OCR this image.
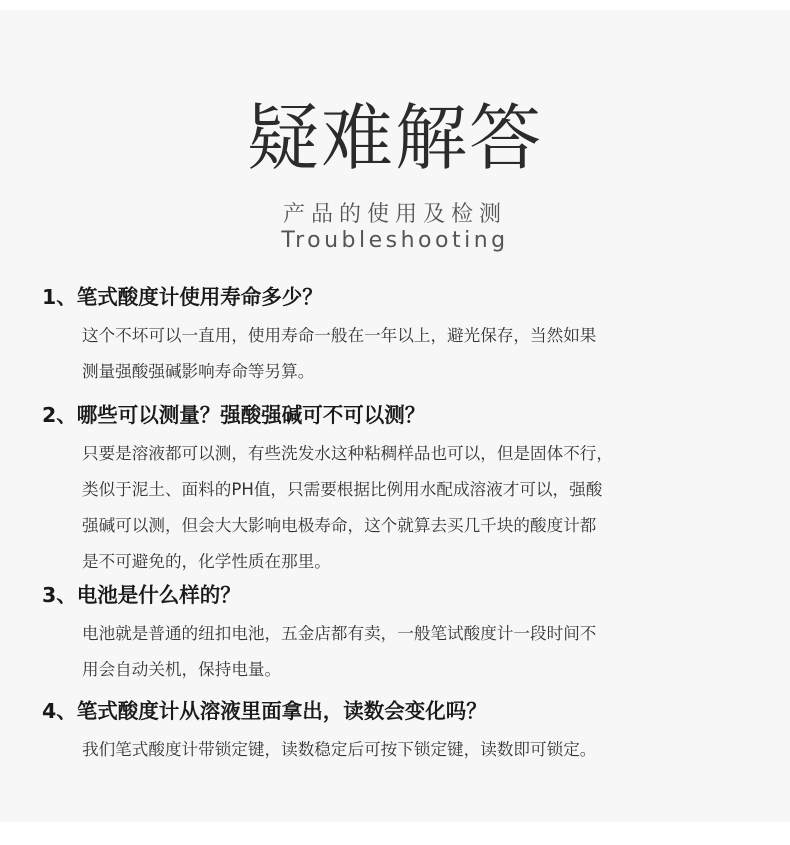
疑难解答
产品的使用及检测
Troubleshooting
1、笔式酸度计使用寿命多少？
这个不坏可以一直用，使用寿命一般在一年以上，避光保存，当然如果
测量强酸强碱影响寿命等另算。
2、哪些可以测量？强酸强碱可不可以测？
只要是溶液都可以测，有些洗发水这种粘稠样品也可以，但是固体不行，
类似于泥土、面料的PH值，只需要根据比例用水配成溶液才可以，强酸
强碱可以测，但会大大影响电极寿命，这个就算去买几千块的酸度计都
是不可避免的，化学性质在那里。
3、电池是什么样的？
电池就是普通的纽扣电池，五金店都有卖，一般笔试酸度计一段时间不
用会自动关机，保持电量。
4、笔式酸度计从溶液里面拿出，读数会变化吗？
我们笔式酸度计带锁定键，读数稳定后可按下锁定键，读数即可锁定。
